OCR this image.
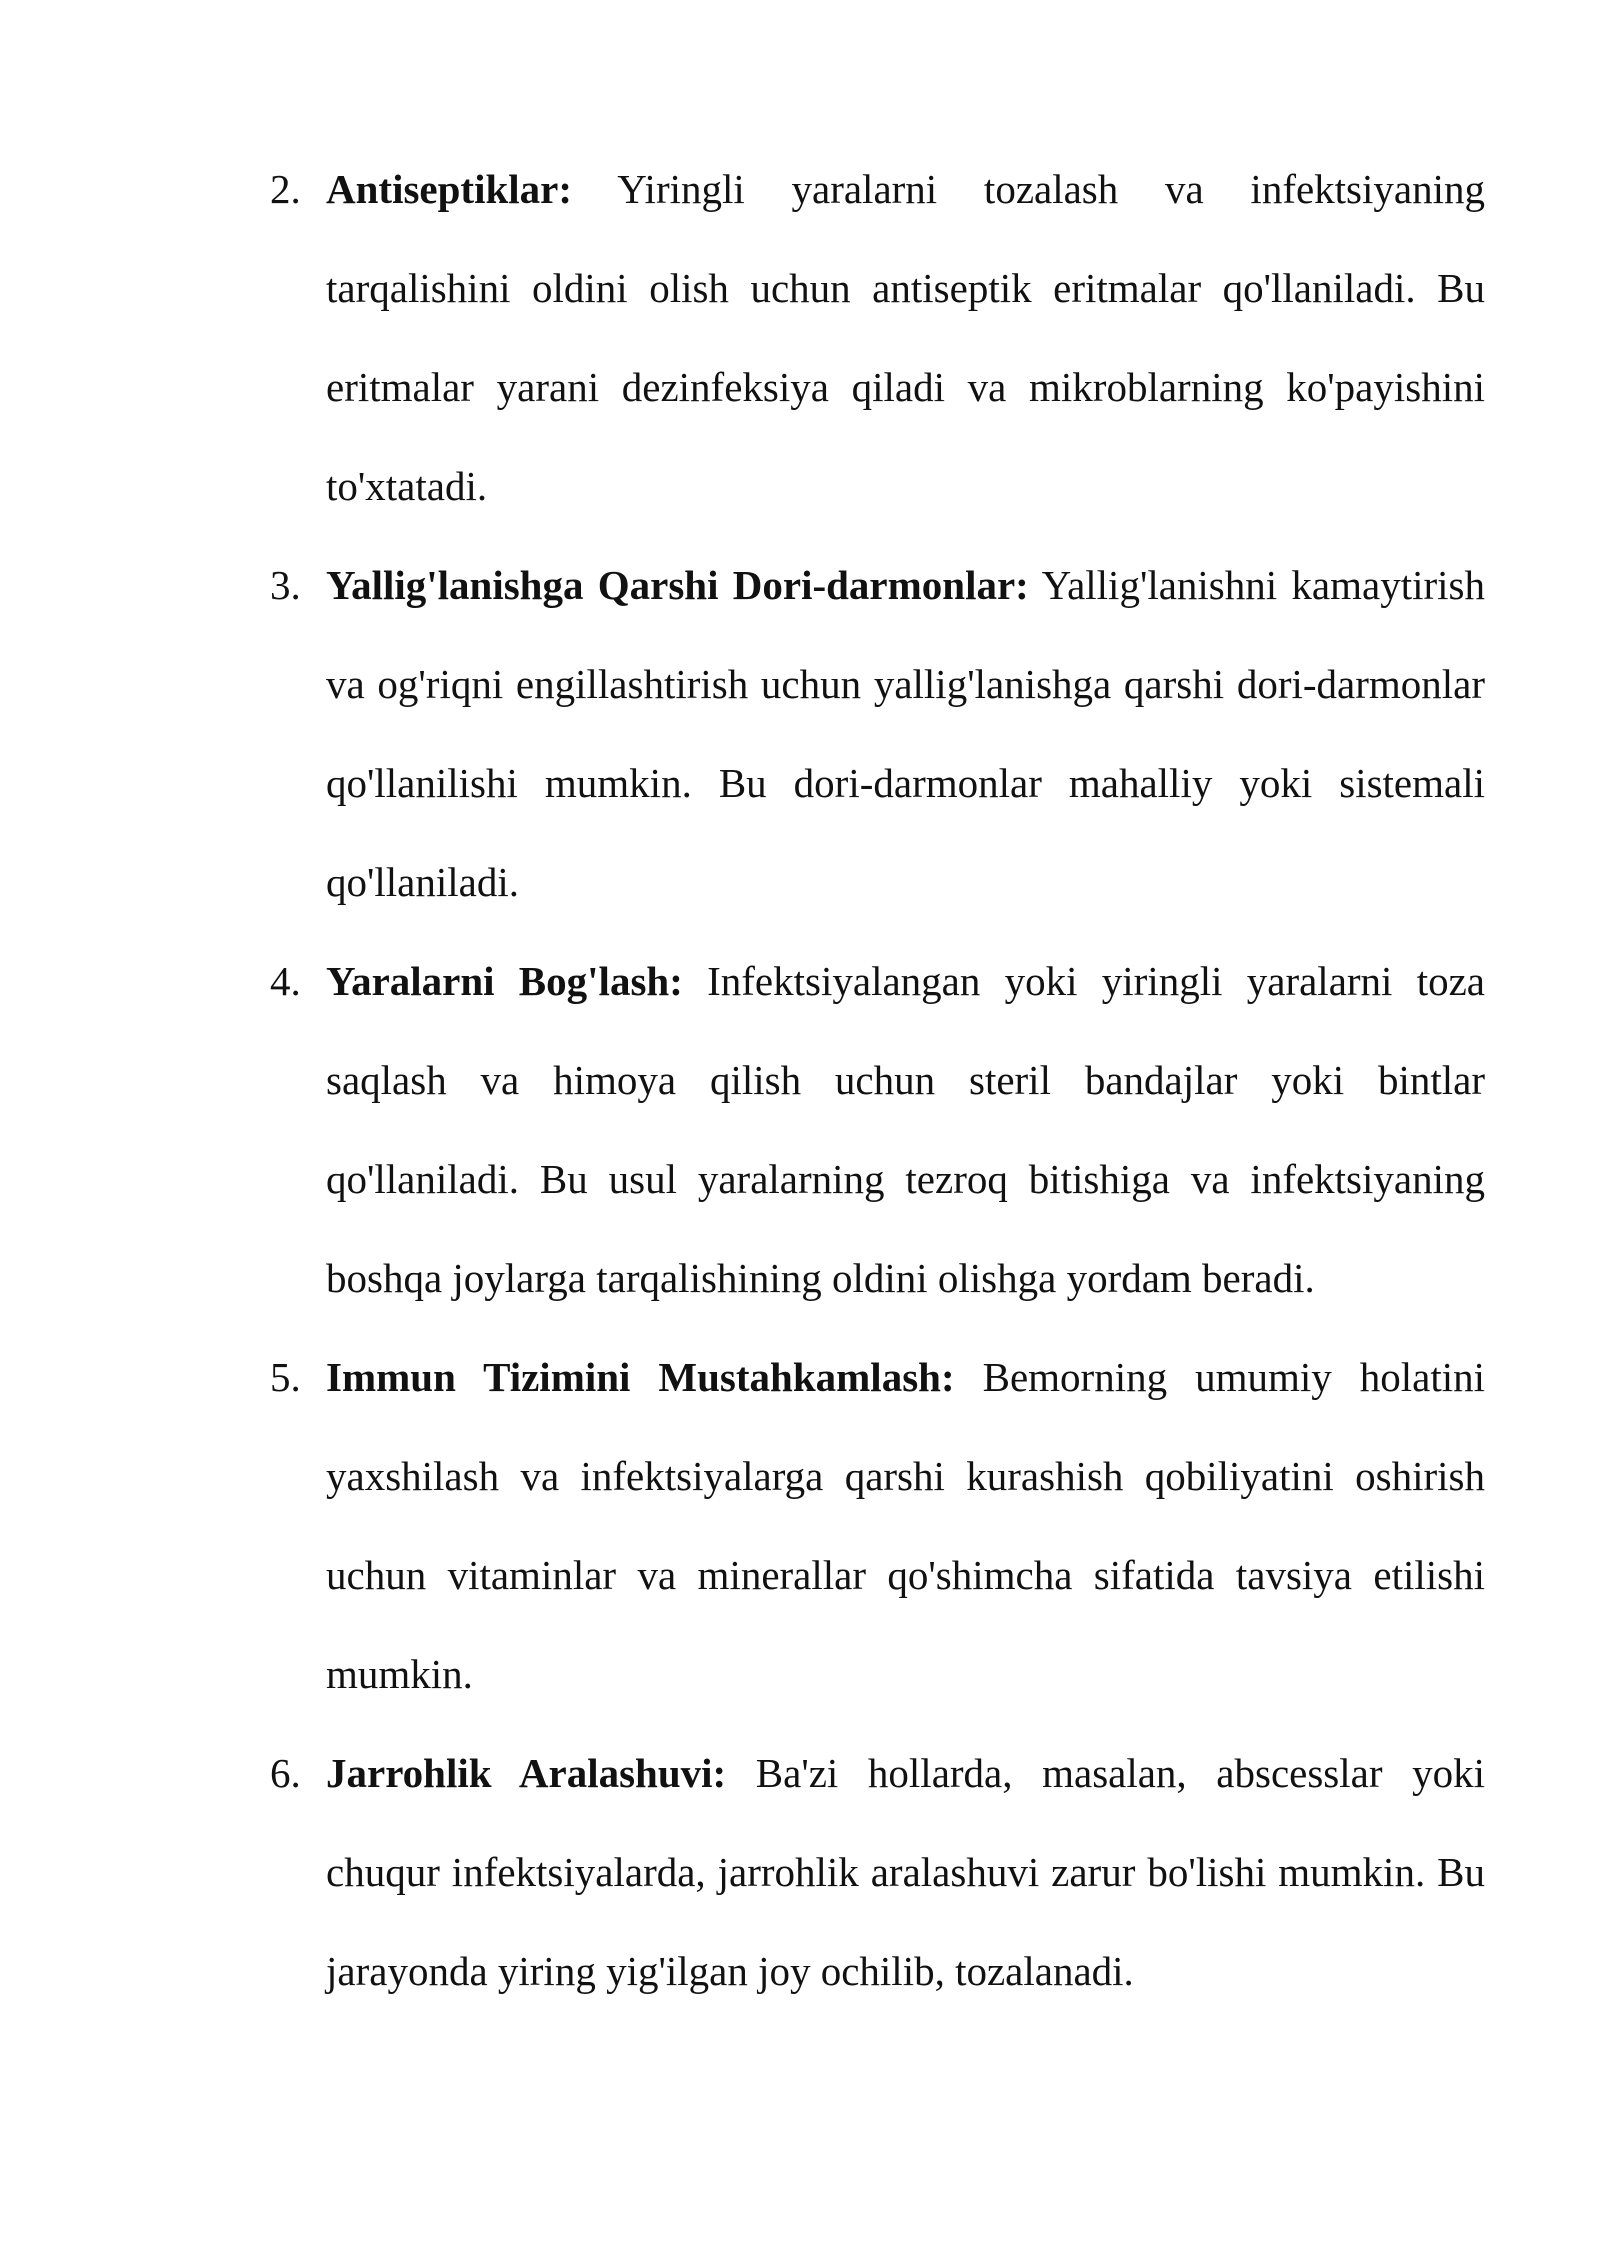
2. Antiseptiklar: Yiringli yaralarni tozalash va infektsiyaning tarqalishini oldini olish uchun antiseptik eritmalar qo'llaniladi. Bu eritmalar yarani dezinfeksiya qiladi va mikroblarning ko'payishini to'xtatadi.
3. Yallig'lanishga Qarshi Dori-darmonlar: Yallig'lanishni kamaytirish va og'riqni engillashtirish uchun yallig'lanishga qarshi dori-darmonlar qo'llanilishi mumkin. Bu dori-darmonlar mahalliy yoki sistemali qo'llaniladi.
4. Yaralarni Bog'lash: Infektsiyalangan yoki yiringli yaralarni toza saqlash va himoya qilish uchun steril bandajlar yoki bintlar qo'llaniladi. Bu usul yaralarning tezroq bitishiga va infektsiyaning boshqa joylarga tarqalishining oldini olishga yordam beradi.
5. Immun Tizimini Mustahkamlash: Bemorning umumiy holatini yaxshilash va infektsiyalarga qarshi kurashish qobiliyatini oshirish uchun vitaminlar va minerallar qo'shimcha sifatida tavsiya etilishi mumkin.
6. Jarrohlik Aralashuvi: Ba'zi hollarda, masalan, abscesslar yoki chuqur infektsiyalarda, jarrohlik aralashuvi zarur bo'lishi mumkin. Bu jarayonda yiring yig'ilgan joy ochilib, tozalanadi.
